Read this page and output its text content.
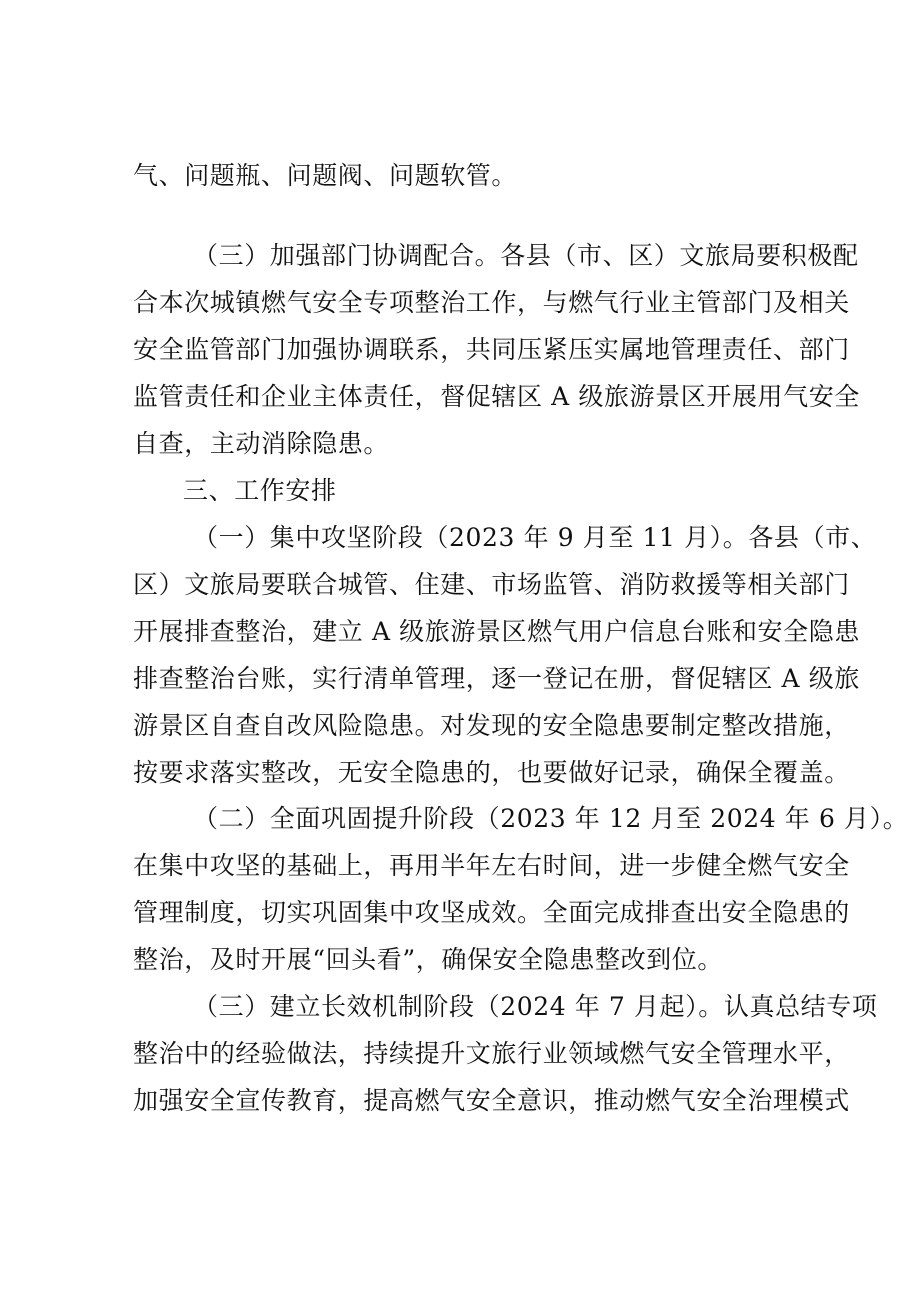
气、问题瓶、问题阀、问题软管。
（三）加强部门协调配合。各县（市、区）文旅局要积极配
合本次城镇燃气安全专项整治工作，与燃气行业主管部门及相关
安全监管部门加强协调联系，共同压紧压实属地管理责任、部门
监管责任和企业主体责任，督促辖区 A 级旅游景区开展用气安全
自查，主动消除隐患。
三、工作安排
（一）集中攻坚阶段（2023 年 9 月至 11 月）。各县（市、
区）文旅局要联合城管、住建、市场监管、消防救援等相关部门
开展排查整治，建立 A 级旅游景区燃气用户信息台账和安全隐患
排查整治台账，实行清单管理，逐一登记在册，督促辖区 A 级旅
游景区自查自改风险隐患。对发现的安全隐患要制定整改措施，
按要求落实整改，无安全隐患的，也要做好记录，确保全覆盖。
（二）全面巩固提升阶段（2023 年 12 月至 2024 年 6 月）。
在集中攻坚的基础上，再用半年左右时间，进一步健全燃气安全
管理制度，切实巩固集中攻坚成效。全面完成排查出安全隐患的
整治，及时开展“回头看”，确保安全隐患整改到位。
（三）建立长效机制阶段（2024 年 7 月起）。认真总结专项
整治中的经验做法，持续提升文旅行业领域燃气安全管理水平，
加强安全宣传教育，提高燃气安全意识，推动燃气安全治理模式
